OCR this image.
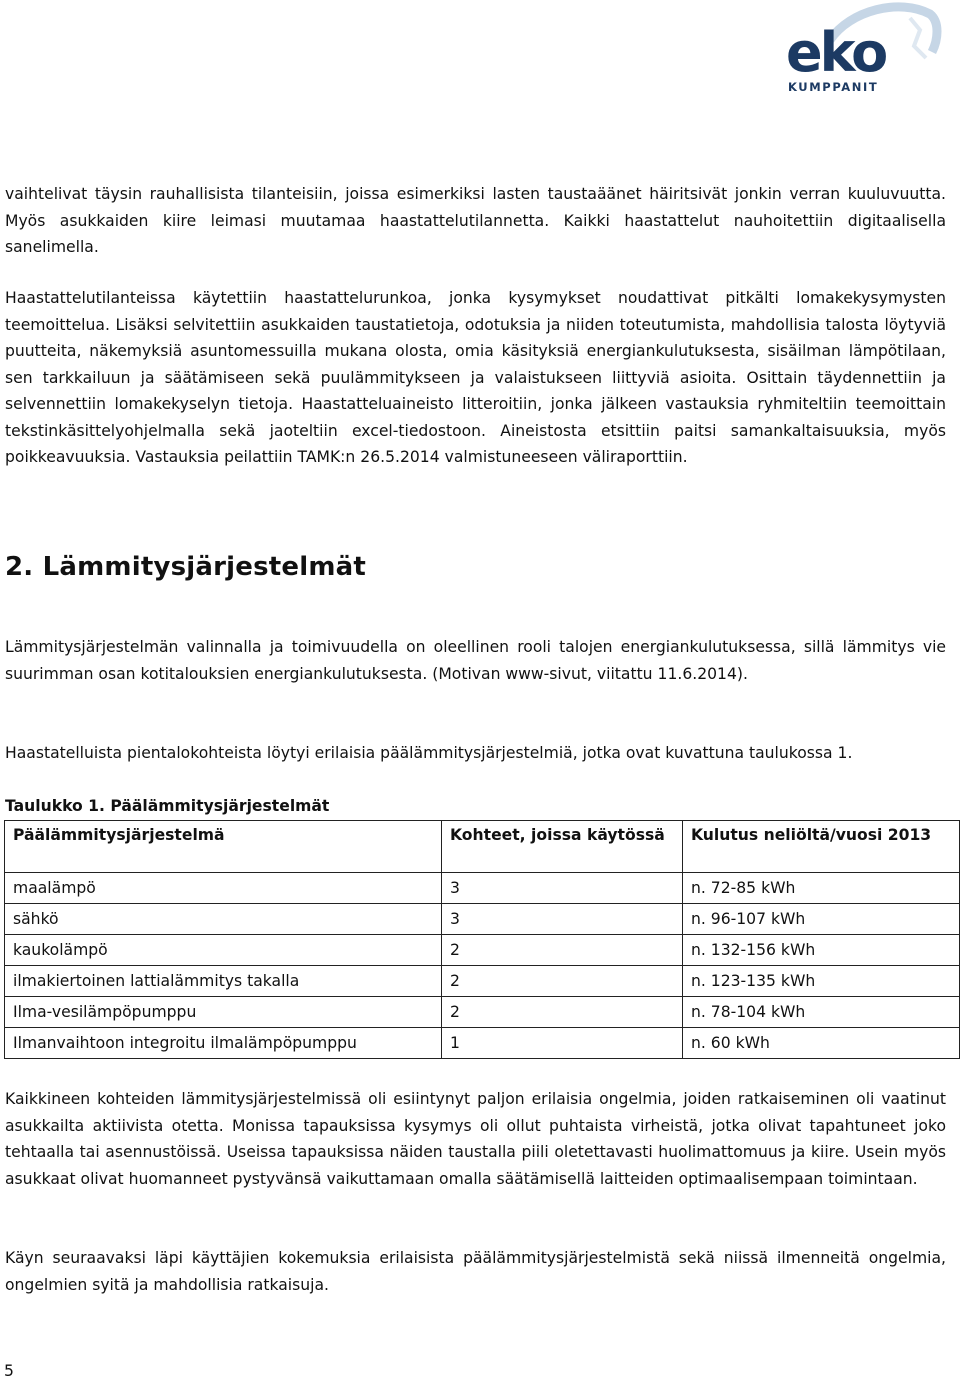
eko
KUMPPANIT

vaihtelivat täysin rauhallisista tilanteisiin, joissa esimerkiksi lasten taustaäänet häiritsivät jonkin verran kuuluvuutta. Myös asukkaiden kiire leimasi muutamaa haastattelutilannetta. Kaikki haastattelut nauhoitettiin digitaalisella sanelimella.

Haastattelutilanteissa käytettiin haastattelurunkoa, jonka kysymykset noudattivat pitkälti lomakekysymysten teemoittelua. Lisäksi selvitettiin asukkaiden taustatietoja, odotuksia ja niiden toteutumista, mahdollisia talosta löytyviä puutteita, näkemyksiä asuntomessuilla mukana olosta, omia käsityksiä energiankulutuksesta, sisäilman lämpötilaan, sen tarkkailuun ja säätämiseen sekä puulämmitykseen ja valaistukseen liittyviä asioita. Osittain täydennettiin ja selvennettiin lomakekyselyn tietoja. Haastatteluaineisto litteroitiin, jonka jälkeen vastauksia ryhmiteltiin teemoittain tekstinkäsittelyohjelmalla sekä jaoteltiin excel-tiedostoon. Aineistosta etsittiin paitsi samankaltaisuuksia, myös poikkeavuuksia. Vastauksia peilattiin TAMK:n 26.5.2014 valmistuneeseen väliraporttiin.

2. Lämmitysjärjestelmät

Lämmitysjärjestelmän valinnalla ja toimivuudella on oleellinen rooli talojen energiankulutuksessa, sillä lämmitys vie suurimman osan kotitalouksien energiankulutuksesta. (Motivan www-sivut, viitattu 11.6.2014).

Haastatelluista pientalokohteista löytyi erilaisia päälämmitysjärjestelmiä, jotka ovat kuvattuna taulukossa 1.

Taulukko 1. Päälämmitysjärjestelmät
Päälämmitysjärjestelmä	Kohteet, joissa käytössä	Kulutus neliöltä/vuosi 2013
maalämpö	3	n. 72-85 kWh
sähkö	3	n. 96-107 kWh
kaukolämpö	2	n. 132-156 kWh
ilmakiertoinen lattialämmitys takalla	2	n. 123-135 kWh
Ilma-vesilämpöpumppu	2	n. 78-104 kWh
Ilmanvaihtoon integroitu ilmalämpöpumppu	1	n. 60 kWh

Kaikkineen kohteiden lämmitysjärjestelmissä oli esiintynyt paljon erilaisia ongelmia, joiden ratkaiseminen oli vaatinut asukkailta aktiivista otetta. Monissa tapauksissa kysymys oli ollut puhtaista virheistä, jotka olivat tapahtuneet joko tehtaalla tai asennustöissä. Useissa tapauksissa näiden taustalla piili oletettavasti huolimattomuus ja kiire. Usein myös asukkaat olivat huomanneet pystyvänsä vaikuttamaan omalla säätämisellä laitteiden optimaalisempaan toimintaan.

Käyn seuraavaksi läpi käyttäjien kokemuksia erilaisista päälämmitysjärjestelmistä sekä niissä ilmenneitä ongelmia, ongelmien syitä ja mahdollisia ratkaisuja.

5
